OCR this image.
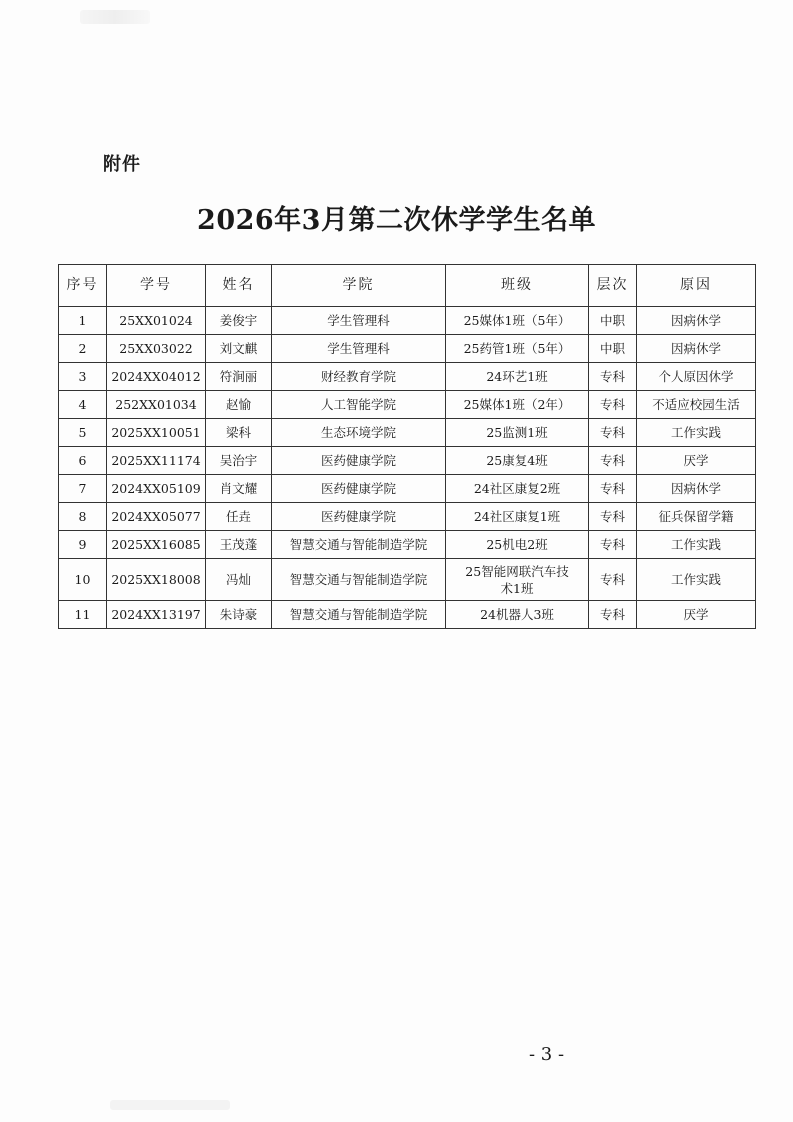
附件
2026年3月第二次休学学生名单
序号	学号	姓名	学院	班级	层次	原因
1	25XX01024	姜俊宇	学生管理科	25媒体1班（5年）	中职	因病休学
2	25XX03022	刘文麒	学生管理科	25药管1班（5年）	中职	因病休学
3	2024XX04012	符涧丽	财经教育学院	24环艺1班	专科	个人原因休学
4	252XX01034	赵愉	人工智能学院	25媒体1班（2年）	专科	不适应校园生活
5	2025XX10051	梁科	生态环境学院	25监测1班	专科	工作实践
6	2025XX11174	吴治宇	医药健康学院	25康复4班	专科	厌学
7	2024XX05109	肖文耀	医药健康学院	24社区康复2班	专科	因病休学
8	2024XX05077	任垚	医药健康学院	24社区康复1班	专科	征兵保留学籍
9	2025XX16085	王茂蓬	智慧交通与智能制造学院	25机电2班	专科	工作实践
10	2025XX18008	冯灿	智慧交通与智能制造学院	25智能网联汽车技术1班	专科	工作实践
11	2024XX13197	朱诗豪	智慧交通与智能制造学院	24机器人3班	专科	厌学
- 3 -
